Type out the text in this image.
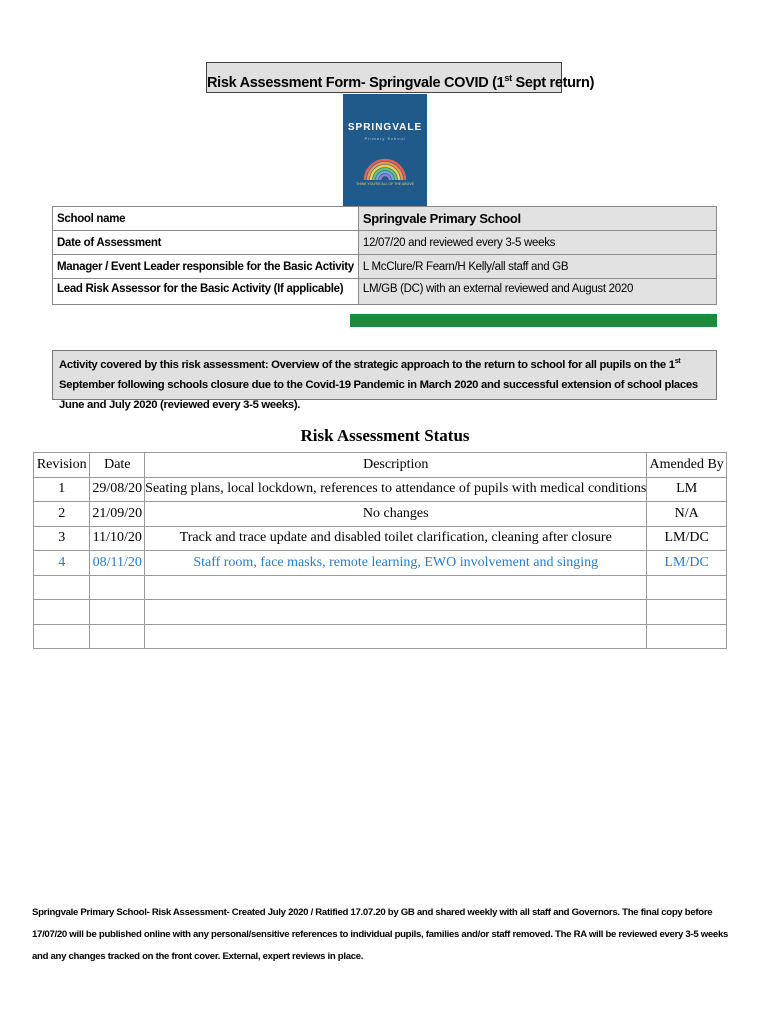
Risk Assessment Form- Springvale COVID (1st Sept return)
SPRINGVALE
Primary School
THINK YOU'RE ALL OF THE ABOVE
School name	Springvale Primary School
Date of Assessment	12/07/20 and reviewed every 3-5 weeks
Manager / Event Leader responsible for the Basic Activity	L McClure/R Fearn/H Kelly/all staff and GB
Lead Risk Assessor for the Basic Activity (If applicable)	LM/GB (DC) with an external reviewed and August 2020
Activity covered by this risk assessment: Overview of the strategic approach to the return to school for all pupils on the 1st September following schools closure due to the Covid-19 Pandemic in March 2020 and successful extension of school places June and July 2020 (reviewed every 3-5 weeks).
Risk Assessment Status
Revision	Date	Description	Amended By
1	29/08/20	Seating plans, local lockdown, references to attendance of pupils with medical conditions	LM
2	21/09/20	No changes	N/A
3	11/10/20	Track and trace update and disabled toilet clarification, cleaning after closure	LM/DC
4	08/11/20	Staff room, face masks, remote learning, EWO involvement and singing	LM/DC

Springvale Primary School- Risk Assessment- Created July 2020 / Ratified 17.07.20 by GB and shared weekly with all staff and Governors. The final copy before 17/07/20 will be published online with any personal/sensitive references to individual pupils, families and/or staff removed. The RA will be reviewed every 3-5 weeks and any changes tracked on the front cover. External, expert reviews in place.
